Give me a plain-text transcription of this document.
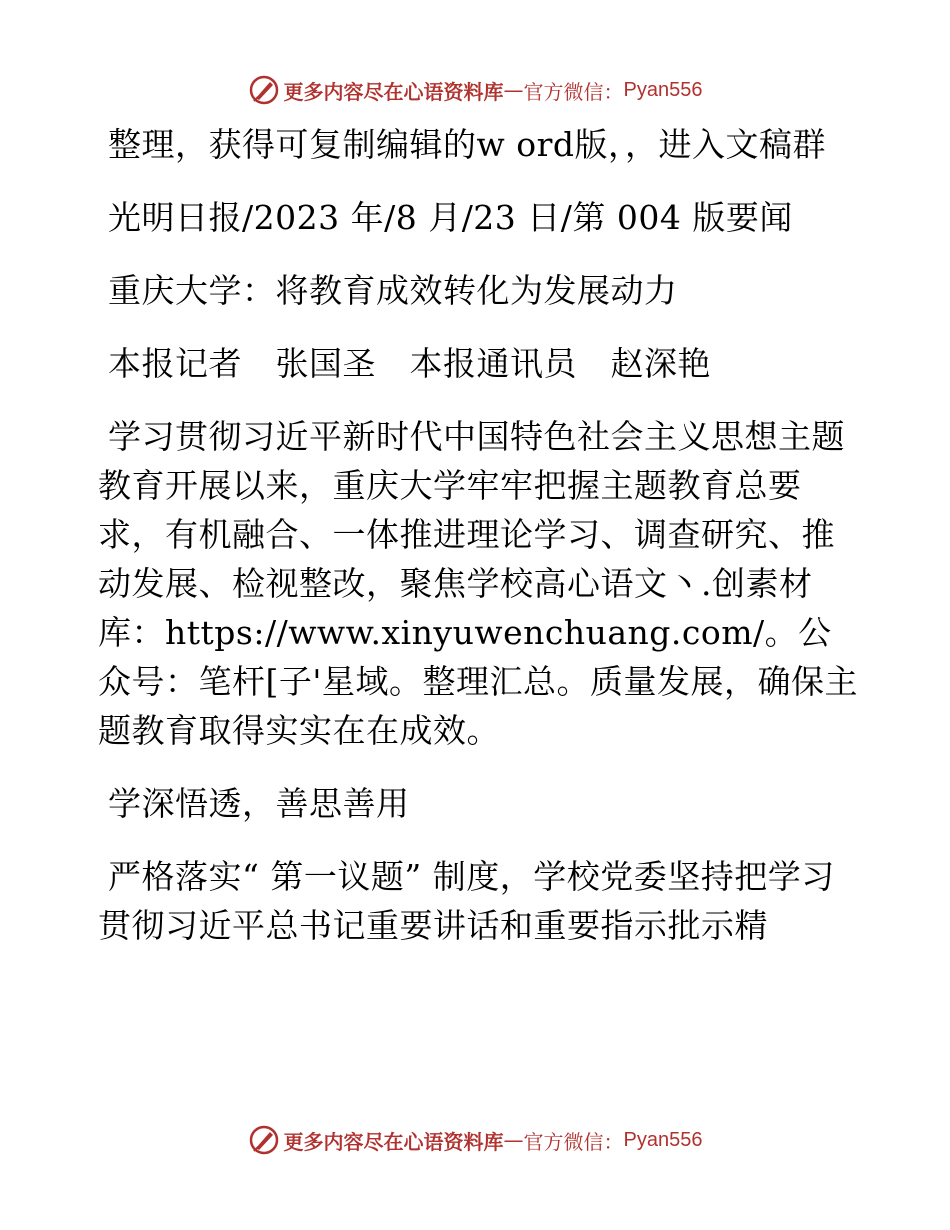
更多内容尽在心语资料库 — 官方微信： Pyan556

整理，获得可复制编辑的w ord版，，进入文稿群

光明日报/2023 年/8 月/23 日/第 004 版要闻

重庆大学：将教育成效转化为发展动力

本报记者　张国圣　本报通讯员　赵深艳

学习贯彻习近平新时代中国特色社会主义思想主题教育开展以来，重庆大学牢牢把握主题教育总要求，有机融合、一体推进理论学习、调查研究、推动发展、检视整改，聚焦学校高心语文丶.创素材库：https://www.xinyuwenchuang.com/。公众号：笔杆[子'星域。整理汇总。质量发展，确保主题教育取得实实在在成效。

学深悟透，善思善用

严格落实“ 第一议题” 制度，学校党委坚持把学习贯彻习近平总书记重要讲话和重要指示批示精

更多内容尽在心语资料库 — 官方微信： Pyan556
